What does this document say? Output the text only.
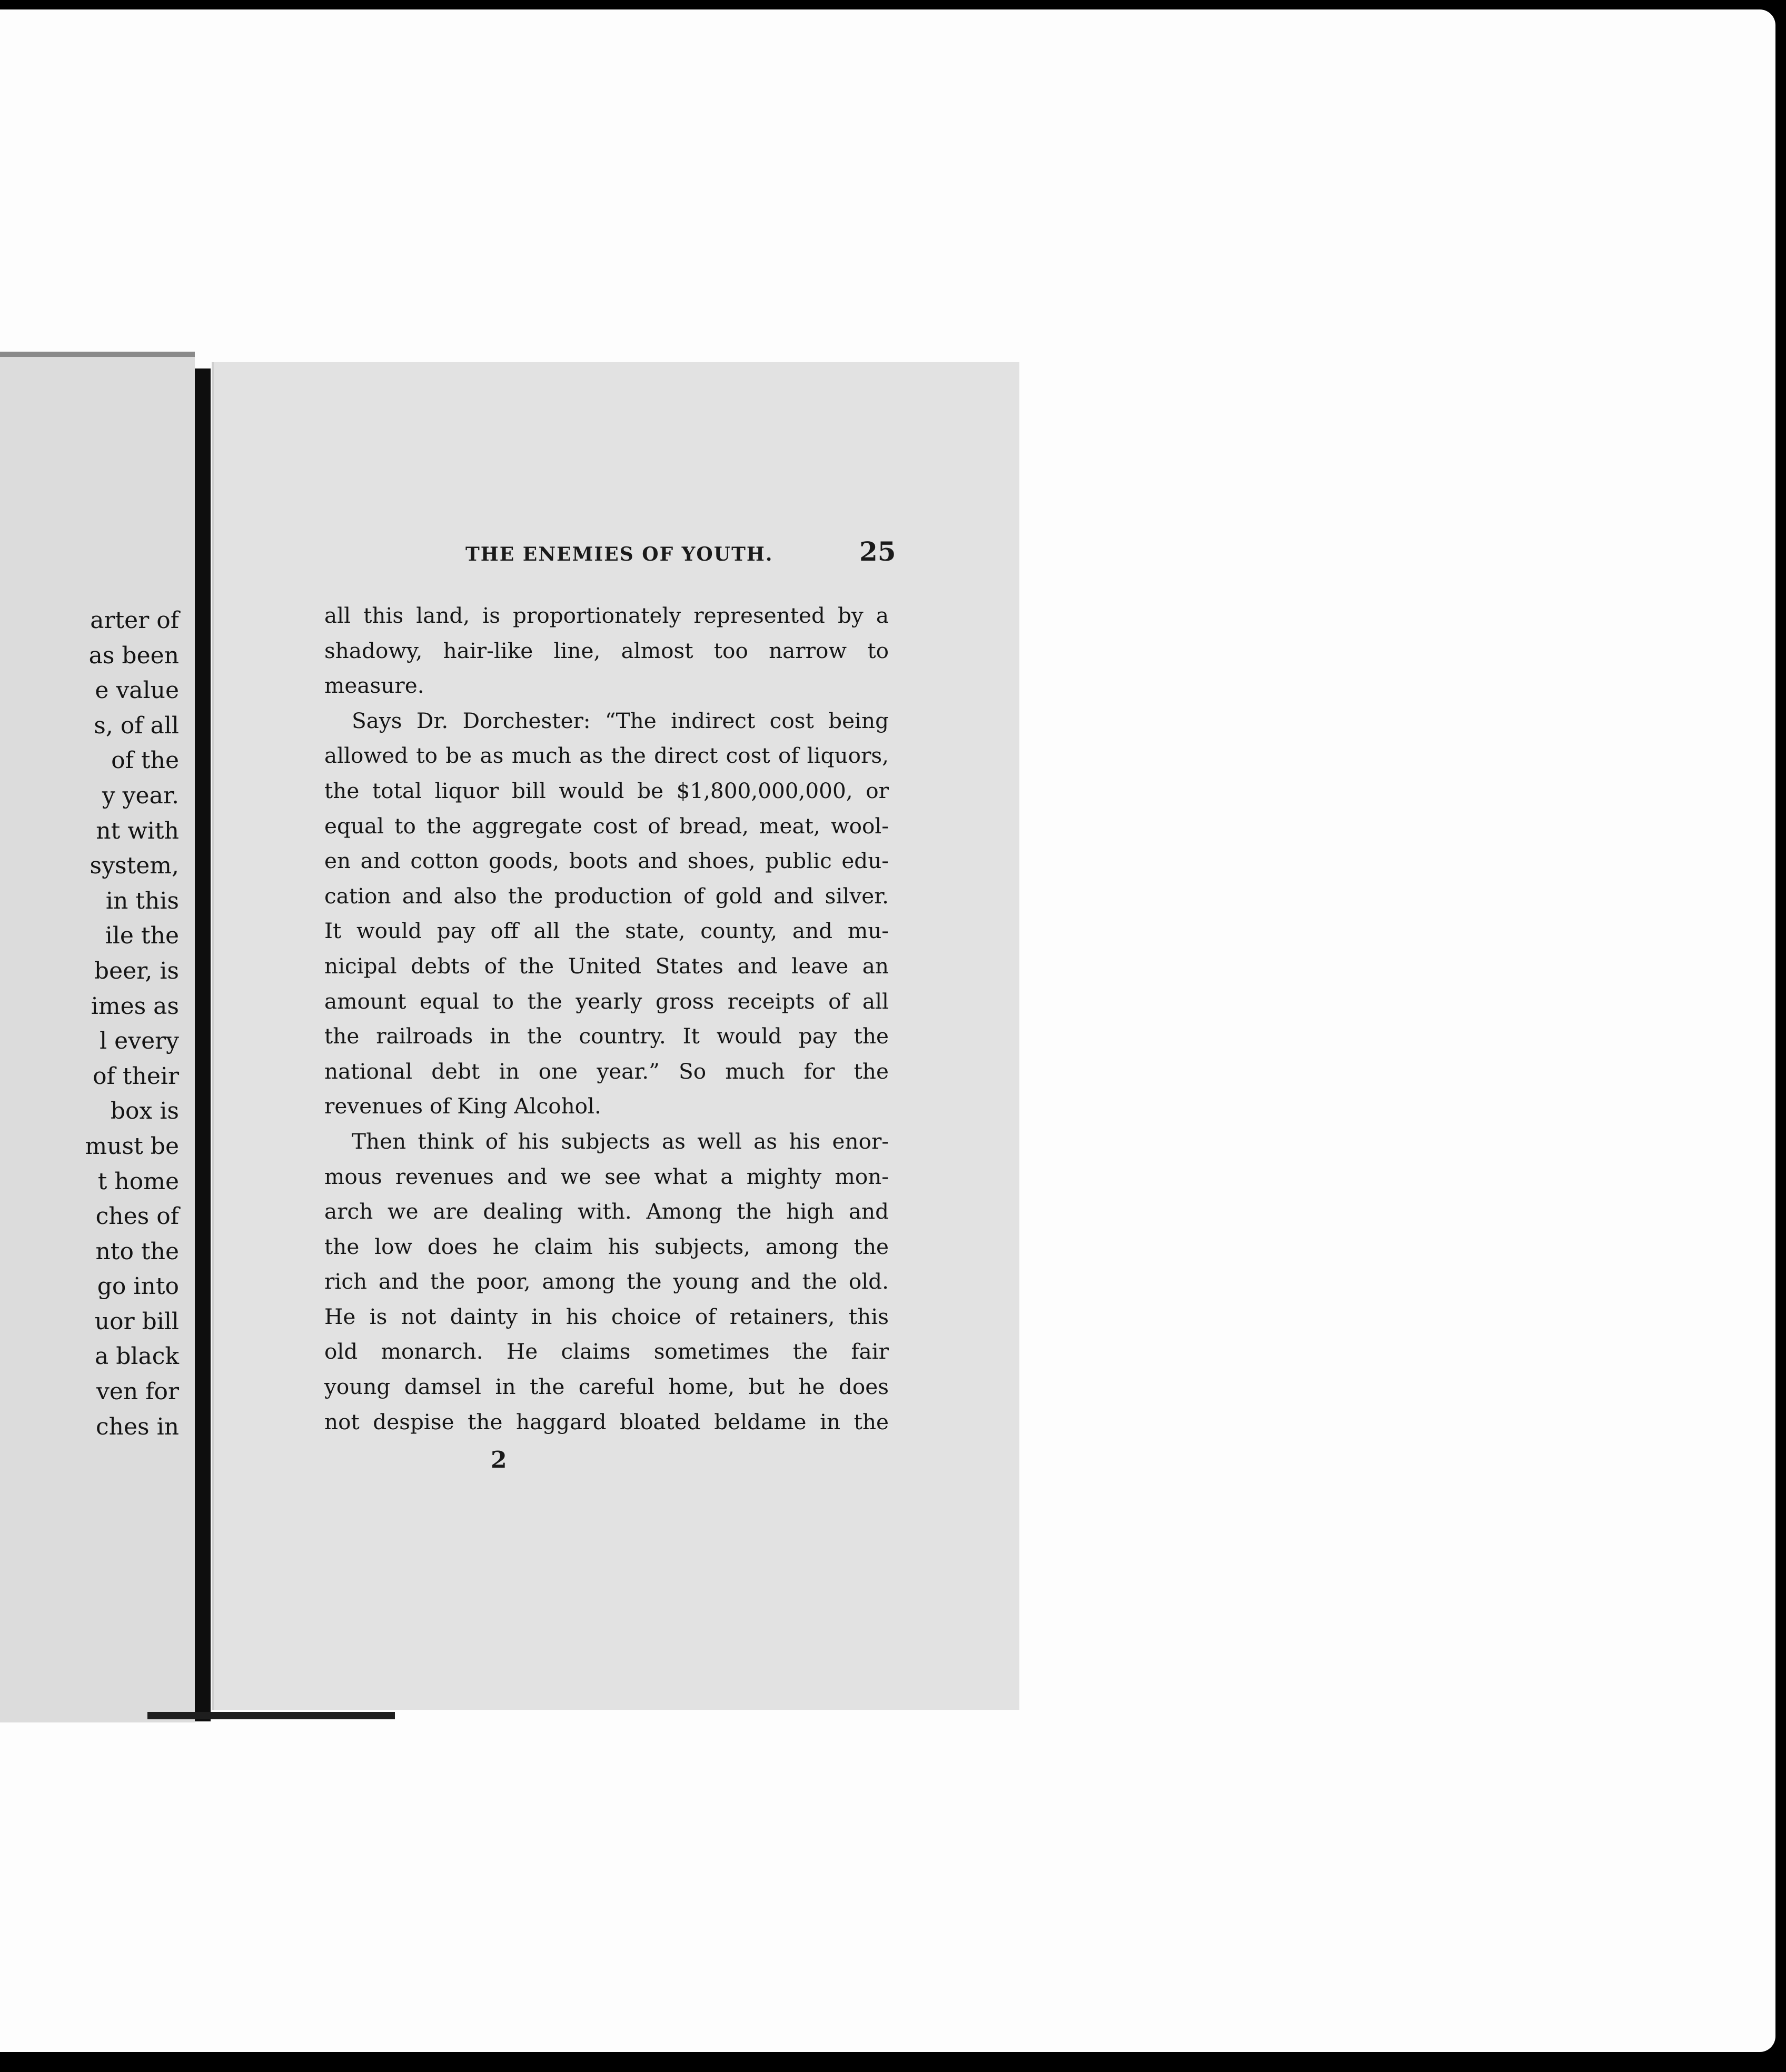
arter of
as been
e value
s, of all
of the
y year.
nt with
system,
in this
ile the
beer, is
imes as
l every
of their
box is
must be
t home
ches of
nto the
go into
uor bill
a black
ven for
ches in
THE ENEMIES OF YOUTH.	25
all this land, is proportionately represented by a
shadowy, hair-like line, almost too narrow to
measure.
Says Dr. Dorchester: “The indirect cost being
allowed to be as much as the direct cost of liquors,
the total liquor bill would be $1,800,000,000, or
equal to the aggregate cost of bread, meat, wool-
en and cotton goods, boots and shoes, public edu-
cation and also the production of gold and silver.
It would pay off all the state, county, and mu-
nicipal debts of the United States and leave an
amount equal to the yearly gross receipts of all
the railroads in the country. It would pay the
national debt in one year.” So much for the
revenues of King Alcohol.
Then think of his subjects as well as his enor-
mous revenues and we see what a mighty mon-
arch we are dealing with. Among the high and
the low does he claim his subjects, among the
rich and the poor, among the young and the old.
He is not dainty in his choice of retainers, this
old monarch. He claims sometimes the fair
young damsel in the careful home, but he does
not despise the haggard bloated beldame in the
2
